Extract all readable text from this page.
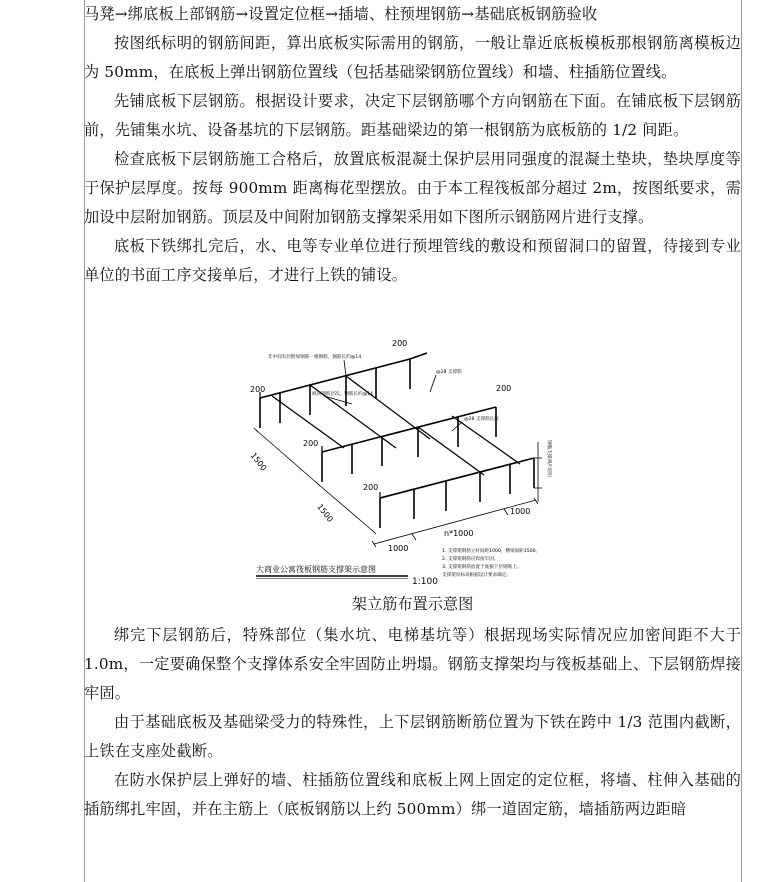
马凳→绑底板上部钢筋→设置定位框→插墙、柱预埋钢筋→基础底板钢筋验收

按图纸标明的钢筋间距，算出底板实际需用的钢筋，一般让靠近底板模板那根钢筋离模板边为 50mm，在底板上弹出钢筋位置线（包括基础梁钢筋位置线）和墙、柱插筋位置线。

先铺底板下层钢筋。根据设计要求，决定下层钢筋哪个方向钢筋在下面。在铺底板下层钢筋前，先铺集水坑、设备基坑的下层钢筋。距基础梁边的第一根钢筋为底板筋的 1/2 间距。

检查底板下层钢筋施工合格后，放置底板混凝土保护层用同强度的混凝土垫块，垫块厚度等于保护层厚度。按每 900mm 距离梅花型摆放。由于本工程筏板部分超过 2m，按图纸要求，需加设中层附加钢筋。顶层及中间附加钢筋支撑架采用如下图所示钢筋网片进行支撑。

底板下铁绑扎完后，水、电等专业单位进行预埋管线的敷设和预留洞口的留置，待接到专业单位的书面工序交接单后，才进行上铁的铺设。

200
200
200
200
200
1500
1500
1000
n*1000
1000
非中间有层附加钢筋一根钢筋，钢筋长约@14
纵向钢筋层次，钢筋长约@14
@28 支撑筋
@28 支撑筋长度
钢筋支撑网片说明
1. 支撑架钢筋立杆间距1000，横梁间距1500。
2. 支撑架钢筋应焊接牢固。
3. 支撑架钢筋放置于底板下层钢筋上。
支撑架顶标高根据设计要求确定。
大商业公寓筏板钢筋支撑架示意图
1:100

架立筋布置示意图

绑完下层钢筋后，特殊部位（集水坑、电梯基坑等）根据现场实际情况应加密间距不大于 1.0m，一定要确保整个支撑体系安全牢固防止坍塌。钢筋支撑架均与筏板基础上、下层钢筋焊接牢固。

由于基础底板及基础梁受力的特殊性，上下层钢筋断筋位置为下铁在跨中 1/3 范围内截断，上铁在支座处截断。

在防水保护层上弹好的墙、柱插筋位置线和底板上网上固定的定位框，将墙、柱伸入基础的插筋绑扎牢固，并在主筋上（底板钢筋以上约 500mm）绑一道固定筋，墙插筋两边距暗
